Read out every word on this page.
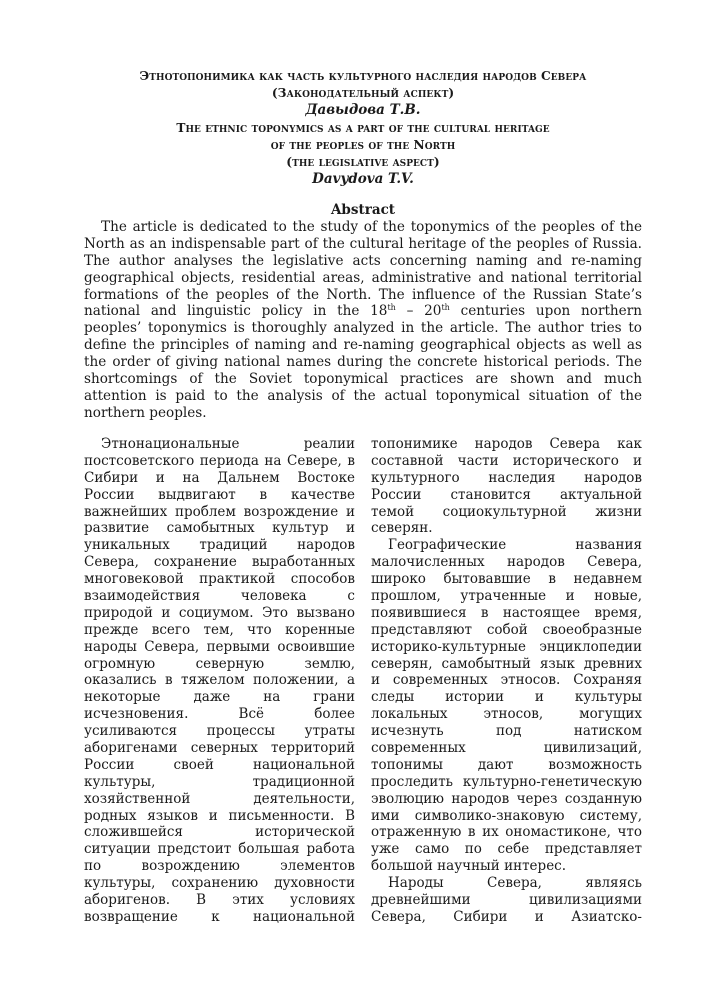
Этнотопонимика как часть культурного наследия народов Севера
(Законодательный аспект)
Давыдова Т.В.
The ethnic toponymics as a part of the cultural heritage
of the peoples of the North
(the legislative aspect)
Davydova T.V.
Abstract
The article is dedicated to the study of the toponymics of the peoples of the
North as an indispensable part of the cultural heritage of the peoples of Russia.
The author analyses the legislative acts concerning naming and re-naming
geographical objects, residential areas, administrative and national territorial
formations of the peoples of the North. The influence of the Russian State’s
national and linguistic policy in the 18th – 20th centuries upon northern
peoples’ toponymics is thoroughly analyzed in the article. The author tries to
define the principles of naming and re-naming geographical objects as well as
the order of giving national names during the concrete historical periods. The
shortcomings of the Soviet toponymical practices are shown and much
attention is paid to the analysis of the actual toponymical situation of the
northern peoples.
Этнонациональные реалии
постсоветского периода на Севере, в
Сибири и на Дальнем Востоке
России выдвигают в качестве
важнейших проблем возрождение и
развитие самобытных культур и
уникальных традиций народов
Севера, сохранение выработанных
многовековой практикой способов
взаимодействия человека с
природой и социумом. Это вызвано
прежде всего тем, что коренные
народы Севера, первыми освоившие
огромную северную землю,
оказались в тяжелом положении, а
некоторые даже на грани
исчезновения. Всё более
усиливаются процессы утраты
аборигенами северных территорий
России своей национальной
культуры, традиционной
хозяйственной деятельности,
родных языков и письменности. В
сложившейся исторической
ситуации предстоит большая работа
по возрождению элементов
культуры, сохранению духовности
аборигенов. В этих условиях
возвращение к национальной
топонимике народов Севера как
составной части исторического и
культурного наследия народов
России становится актуальной
темой социокультурной жизни
северян.
Географические названия
малочисленных народов Севера,
широко бытовавшие в недавнем
прошлом, утраченные и новые,
появившиеся в настоящее время,
представляют собой своеобразные
историко-культурные энциклопедии
северян, самобытный язык древних
и современных этносов. Сохраняя
следы истории и культуры
локальных этносов, могущих
исчезнуть под натиском
современных цивилизаций,
топонимы дают возможность
проследить культурно-генетическую
эволюцию народов через созданную
ими символико-знаковую систему,
отраженную в их ономастиконе, что
уже само по себе представляет
большой научный интерес.
Народы Севера, являясь
древнейшими цивилизациями
Севера, Сибири и Азиатско-
